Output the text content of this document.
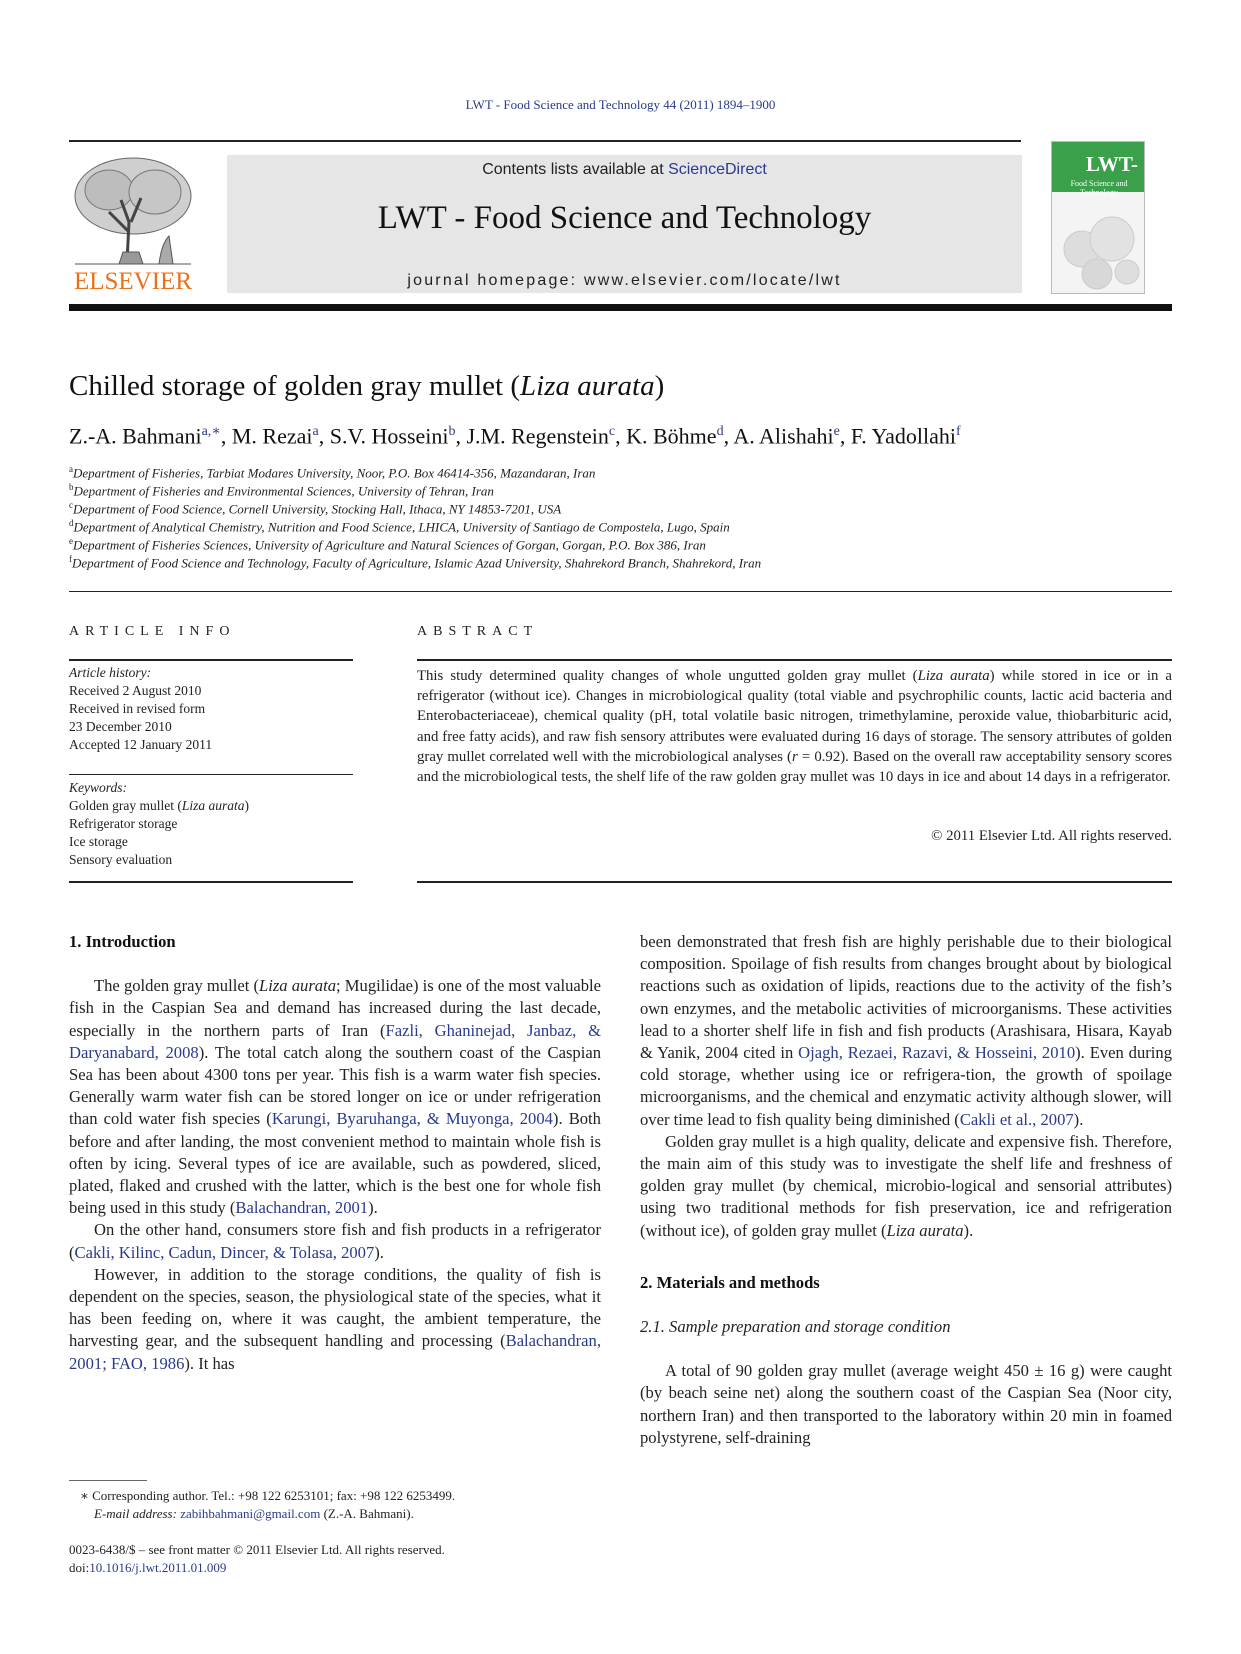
LWT - Food Science and Technology 44 (2011) 1894–1900
ELSEVIER
Contents lists available at ScienceDirect
LWT - Food Science and Technology
journal homepage: www.elsevier.com/locate/lwt
LWT-
Food Science and Technology
Chilled storage of golden gray mullet (Liza aurata)
Z.-A. Bahmani$^{a,∗}$, M. Rezai$^a$, S.V. Hosseini$^b$, J.M. Regenstein$^c$, K. Böhme$^d$, A. Alishahi$^e$, F. Yadollahi$^f$
$^a$Department of Fisheries, Tarbiat Modares University, Noor, P.O. Box 46414-356, Mazandaran, Iran
$^b$Department of Fisheries and Environmental Sciences, University of Tehran, Iran
$^c$Department of Food Science, Cornell University, Stocking Hall, Ithaca, NY 14853-7201, USA
$^d$Department of Analytical Chemistry, Nutrition and Food Science, LHICA, University of Santiago de Compostela, Lugo, Spain
$^e$Department of Fisheries Sciences, University of Agriculture and Natural Sciences of Gorgan, Gorgan, P.O. Box 386, Iran
$^f$Department of Food Science and Technology, Faculty of Agriculture, Islamic Azad University, Shahrekord Branch, Shahrekord, Iran
ARTICLE INFO
Article history:
Received 2 August 2010
Received in revised form
23 December 2010
Accepted 12 January 2011
Keywords:
Golden gray mullet (Liza aurata)
Refrigerator storage
Ice storage
Sensory evaluation
ABSTRACT
This study determined quality changes of whole ungutted golden gray mullet (Liza aurata) while stored in ice or in a refrigerator (without ice). Changes in microbiological quality (total viable and psychrophilic counts, lactic acid bacteria and Enterobacteriaceae), chemical quality (pH, total volatile basic nitrogen, trimethylamine, peroxide value, thiobarbituric acid, and free fatty acids), and raw fish sensory attributes were evaluated during 16 days of storage. The sensory attributes of golden gray mullet correlated well with the microbiological analyses (r = 0.92). Based on the overall raw acceptability sensory scores and the microbiological tests, the shelf life of the raw golden gray mullet was 10 days in ice and about 14 days in a refrigerator.
© 2011 Elsevier Ltd. All rights reserved.
1. Introduction

The golden gray mullet (Liza aurata; Mugilidae) is one of the most valuable fish in the Caspian Sea and demand has increased during the last decade, especially in the northern parts of Iran (Fazli, Ghaninejad, Janbaz, & Daryanabard, 2008). The total catch along the southern coast of the Caspian Sea has been about 4300 tons per year. This fish is a warm water fish species. Generally warm water fish can be stored longer on ice or under refrigeration than cold water fish species (Karungi, Byaruhanga, & Muyonga, 2004). Both before and after landing, the most convenient method to maintain whole fish is often by icing. Several types of ice are available, such as powdered, sliced, plated, flaked and crushed with the latter, which is the best one for whole fish being used in this study (Balachandran, 2001).

On the other hand, consumers store fish and fish products in a refrigerator (Cakli, Kilinc, Cadun, Dincer, & Tolasa, 2007).

However, in addition to the storage conditions, the quality of fish is dependent on the species, season, the physiological state of the species, what it has been feeding on, where it was caught, the ambient temperature, the harvesting gear, and the subsequent handling and processing (Balachandran, 2001; FAO, 1986). It has

been demonstrated that fresh fish are highly perishable due to their biological composition. Spoilage of fish results from changes brought about by biological reactions such as oxidation of lipids, reactions due to the activity of the fish’s own enzymes, and the metabolic activities of microorganisms. These activities lead to a shorter shelf life in fish and fish products (Arashisara, Hisara, Kayab & Yanik, 2004 cited in Ojagh, Rezaei, Razavi, & Hosseini, 2010). Even during cold storage, whether using ice or refrigera-tion, the growth of spoilage microorganisms, and the chemical and enzymatic activity although slower, will over time lead to fish quality being diminished (Cakli et al., 2007).

Golden gray mullet is a high quality, delicate and expensive fish. Therefore, the main aim of this study was to investigate the shelf life and freshness of golden gray mullet (by chemical, microbio-logical and sensorial attributes) using two traditional methods for fish preservation, ice and refrigeration (without ice), of golden gray mullet (Liza aurata).

2. Materials and methods
2.1. Sample preparation and storage condition

A total of 90 golden gray mullet (average weight 450 ± 16 g) were caught (by beach seine net) along the southern coast of the Caspian Sea (Noor city, northern Iran) and then transported to the laboratory within 20 min in foamed polystyrene, self-draining

∗ Corresponding author. Tel.: +98 122 6253101; fax: +98 122 6253499.
E-mail address: zabihbahmani@gmail.com (Z.-A. Bahmani).
0023-6438/$ – see front matter © 2011 Elsevier Ltd. All rights reserved.
doi:10.1016/j.lwt.2011.01.009
